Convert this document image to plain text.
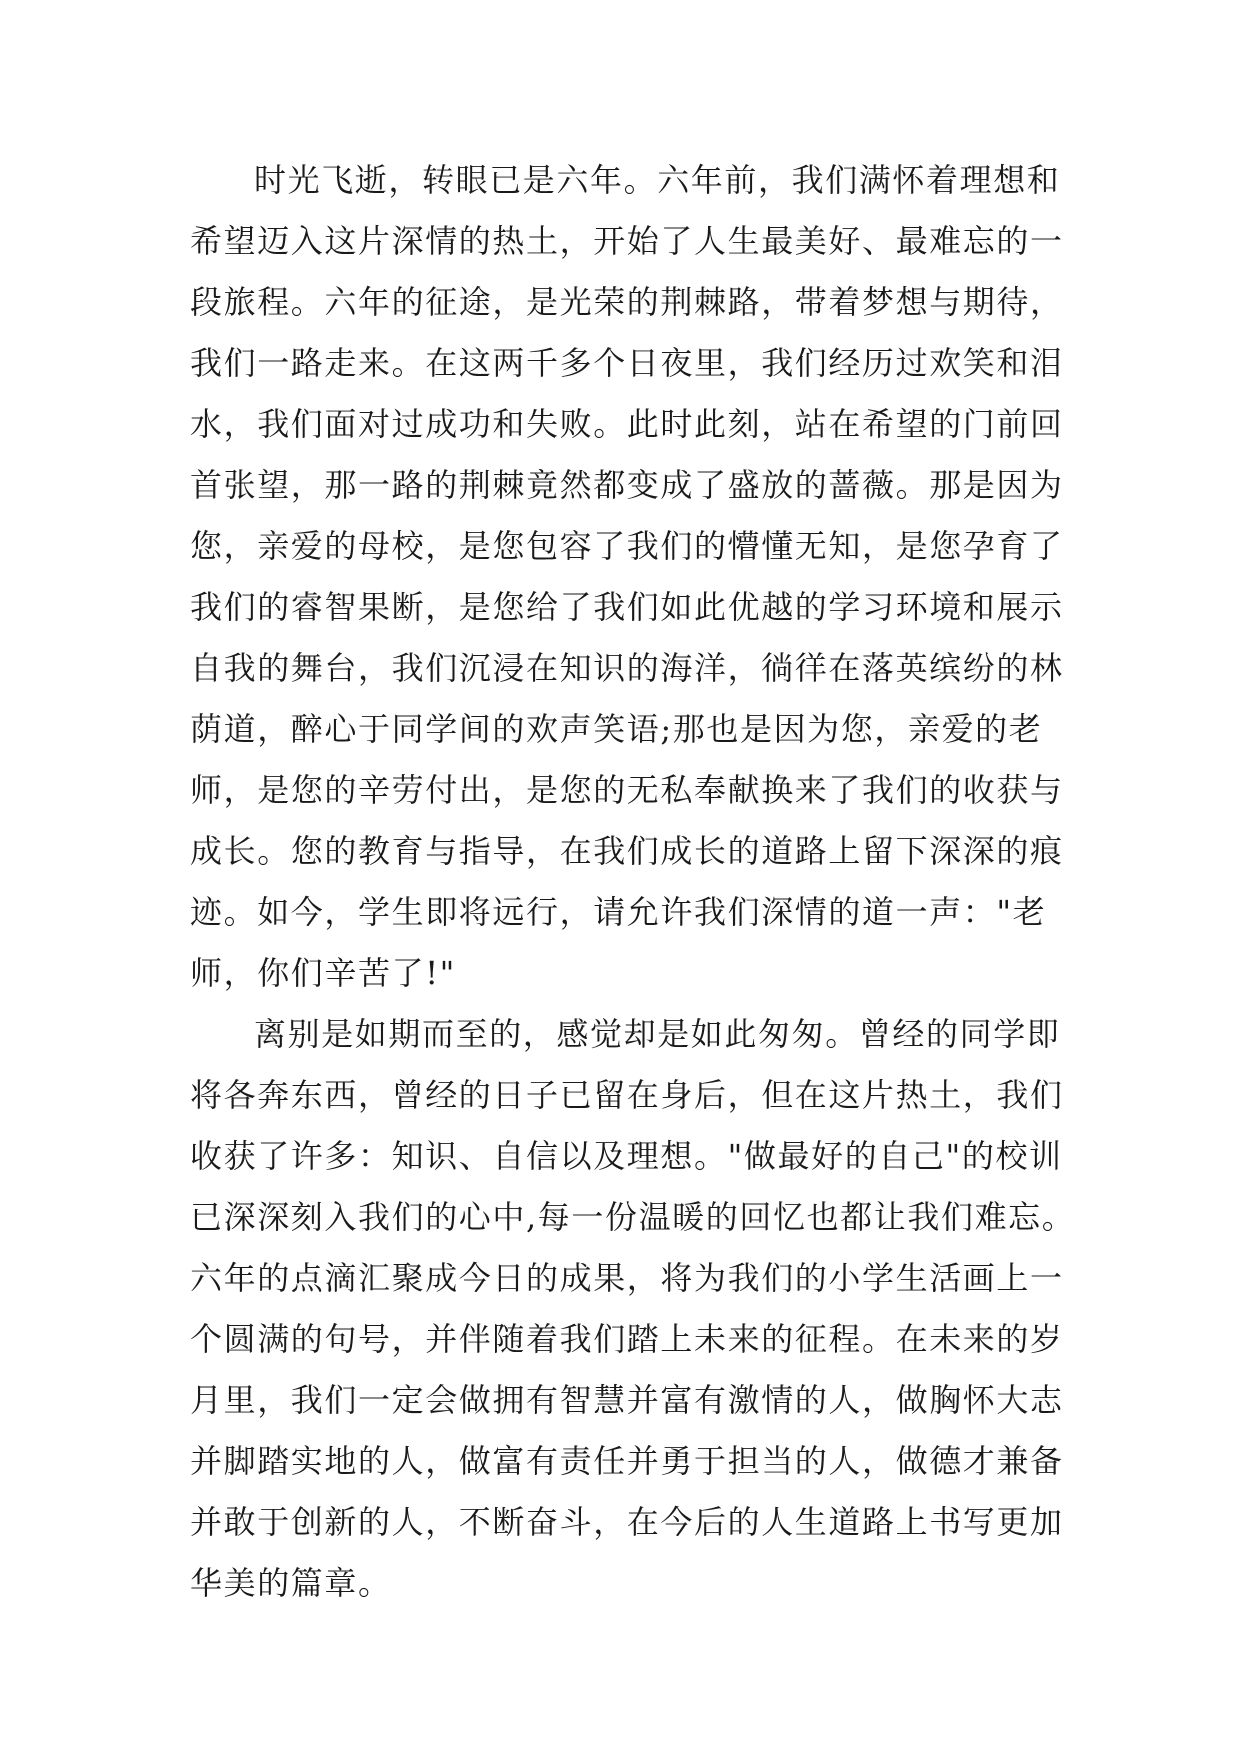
时光飞逝，转眼已是六年。六年前，我们满怀着理想和
希望迈入这片深情的热土，开始了人生最美好、最难忘的一
段旅程。六年的征途，是光荣的荆棘路，带着梦想与期待，
我们一路走来。在这两千多个日夜里，我们经历过欢笑和泪
水，我们面对过成功和失败。此时此刻，站在希望的门前回
首张望，那一路的荆棘竟然都变成了盛放的蔷薇。那是因为
您，亲爱的母校，是您包容了我们的懵懂无知，是您孕育了
我们的睿智果断，是您给了我们如此优越的学习环境和展示
自我的舞台，我们沉浸在知识的海洋，徜徉在落英缤纷的林
荫道，醉心于同学间的欢声笑语;那也是因为您，亲爱的老
师，是您的辛劳付出，是您的无私奉献换来了我们的收获与
成长。您的教育与指导，在我们成长的道路上留下深深的痕
迹。如今，学生即将远行，请允许我们深情的道一声："老
师，你们辛苦了!"
离别是如期而至的，感觉却是如此匆匆。曾经的同学即
将各奔东西，曾经的日子已留在身后，但在这片热土，我们
收获了许多：知识、自信以及理想。"做最好的自己"的校训
已深深刻入我们的心中,每一份温暖的回忆也都让我们难忘。
六年的点滴汇聚成今日的成果，将为我们的小学生活画上一
个圆满的句号，并伴随着我们踏上未来的征程。在未来的岁
月里，我们一定会做拥有智慧并富有激情的人，做胸怀大志
并脚踏实地的人，做富有责任并勇于担当的人，做德才兼备
并敢于创新的人，不断奋斗，在今后的人生道路上书写更加
华美的篇章。
